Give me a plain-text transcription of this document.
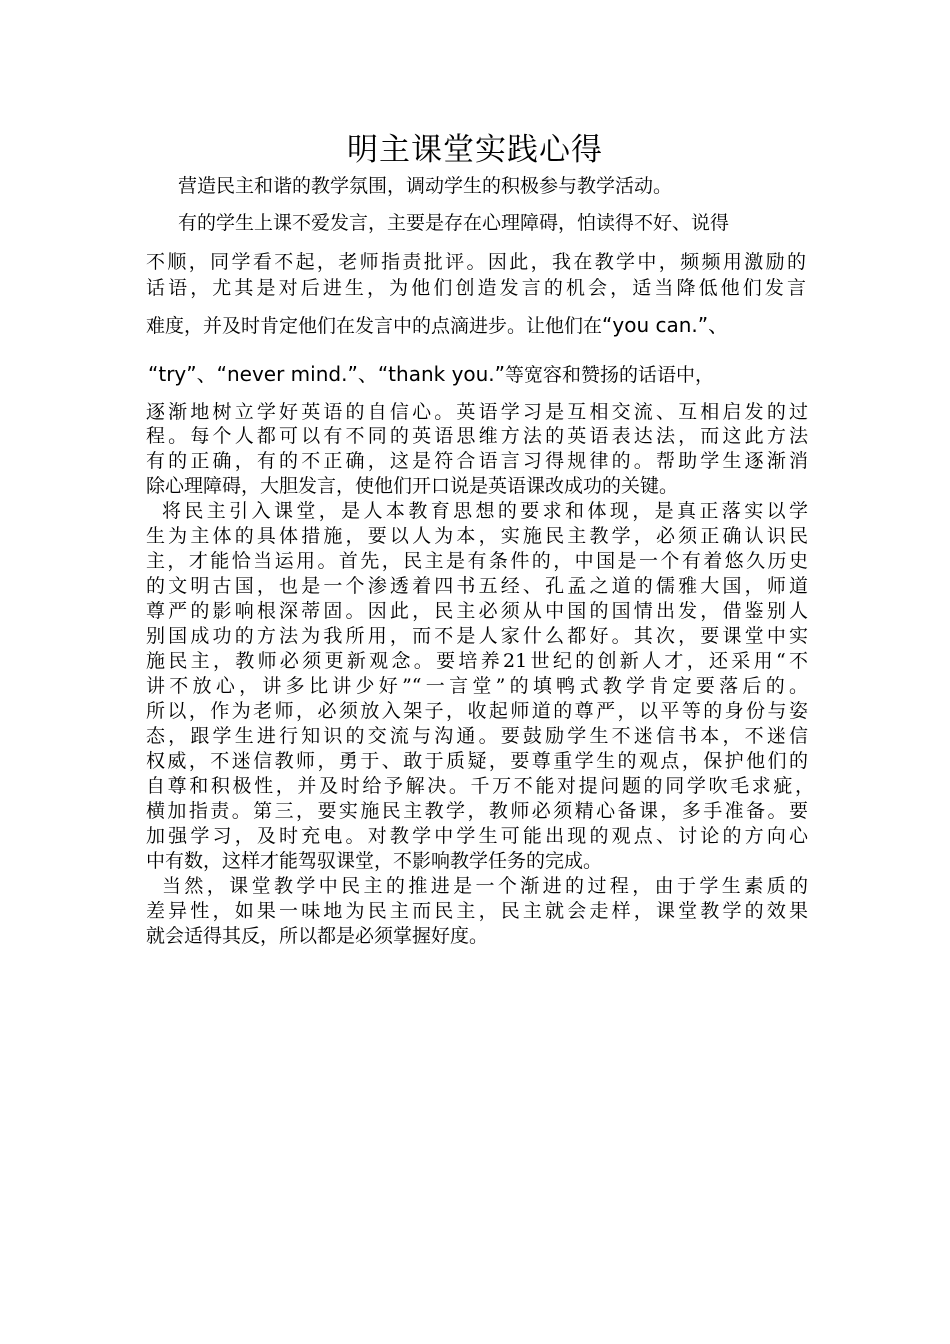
明主课堂实践心得
营造民主和谐的教学氛围，调动学生的积极参与教学活动。
有的学生上课不爱发言，主要是存在心理障碍，怕读得不好、说得
不顺，同学看不起，老师指责批评。因此，我在教学中，频频用激励的
话语，尤其是对后进生，为他们创造发言的机会，适当降低他们发言
难度，并及时肯定他们在发言中的点滴进步。让他们在“you can.”、
“try”、“never mind.”、“thank you.”等宽容和赞扬的话语中，
逐渐地树立学好英语的自信心。英语学习是互相交流、互相启发的过
程。每个人都可以有不同的英语思维方法的英语表达法，而这此方法
有的正确，有的不正确，这是符合语言习得规律的。帮助学生逐渐消
除心理障碍，大胆发言，使他们开口说是英语课改成功的关键。
将民主引入课堂，是人本教育思想的要求和体现，是真正落实以学
生为主体的具体措施，要以人为本，实施民主教学，必须正确认识民
主，才能恰当运用。首先，民主是有条件的，中国是一个有着悠久历史
的文明古国，也是一个渗透着四书五经、孔孟之道的儒雅大国，师道
尊严的影响根深蒂固。因此，民主必须从中国的国情出发，借鉴别人
别国成功的方法为我所用，而不是人家什么都好。其次，要课堂中实
施民主，教师必须更新观念。要培养21世纪的创新人才，还采用“不
讲不放心，讲多比讲少好”“一言堂”的填鸭式教学肯定要落后的。
所以，作为老师，必须放入架子，收起师道的尊严，以平等的身份与姿
态，跟学生进行知识的交流与沟通。要鼓励学生不迷信书本，不迷信
权威，不迷信教师，勇于、敢于质疑，要尊重学生的观点，保护他们的
自尊和积极性，并及时给予解决。千万不能对提问题的同学吹毛求疵，
横加指责。第三，要实施民主教学，教师必须精心备课，多手准备。要
加强学习，及时充电。对教学中学生可能出现的观点、讨论的方向心
中有数，这样才能驾驭课堂，不影响教学任务的完成。
当然，课堂教学中民主的推进是一个渐进的过程，由于学生素质的
差异性，如果一味地为民主而民主，民主就会走样，课堂教学的效果
就会适得其反，所以都是必须掌握好度。
